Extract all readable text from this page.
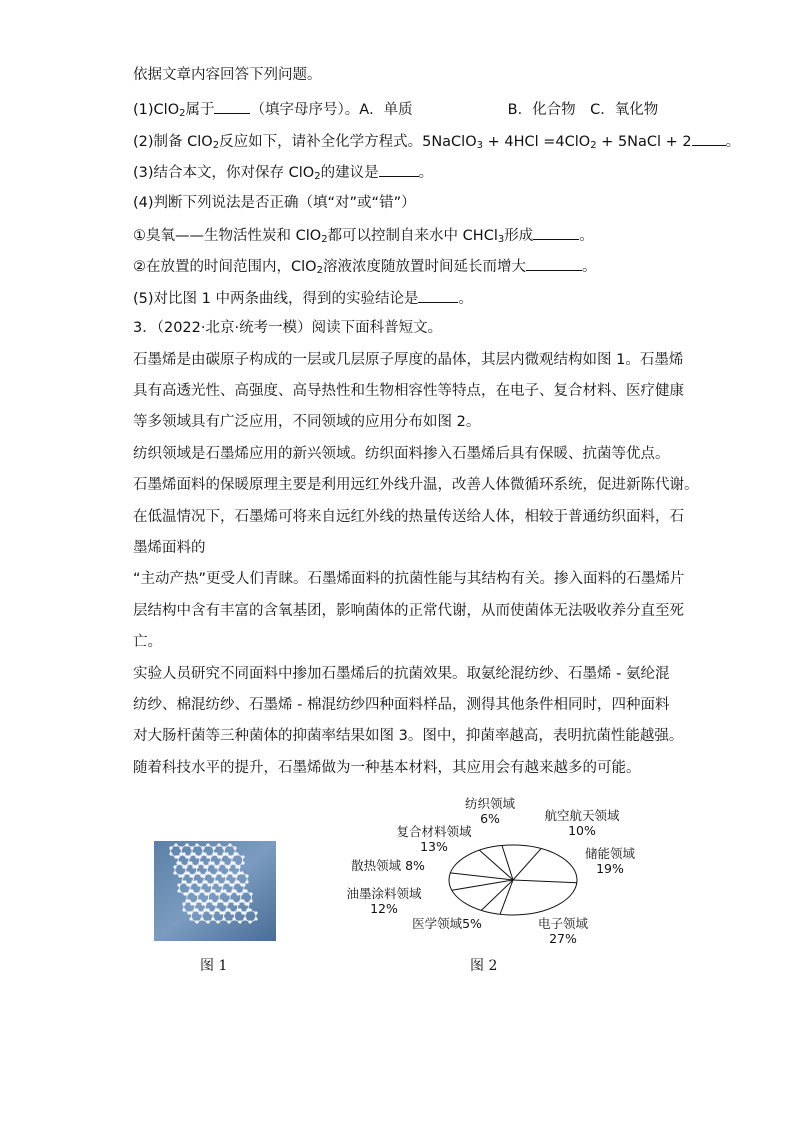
依据文章内容回答下列问题。
(1)ClO$_2$属于 （填字母序号）。A．单质	B．化合物　C．氧化物
(2)制备 ClO$_2$反应如下，请补全化学方程式。5NaClO$_3$ + 4HCl =4ClO$_2$ + 5NaCl + 2 。
(3)结合本文，你对保存 ClO$_2$的建议是	。
(4)判断下列说法是否正确（填“对”或“错”）
①臭氧——生物活性炭和 ClO$_2$都可以控制自来水中 CHCl$_3$形成	。
②在放置的时间范围内，ClO$_2$溶液浓度随放置时间延长而增大	。
(5)对比图 1 中两条曲线，得到的实验结论是	。
3．（2022·北京·统考一模）阅读下面科普短文。
石墨烯是由碳原子构成的一层或几层原子厚度的晶体，其层内微观结构如图 1。石墨烯
具有高透光性、高强度、高导热性和生物相容性等特点，在电子、复合材料、医疗健康
等多领域具有广泛应用，不同领域的应用分布如图 2。
纺织领域是石墨烯应用的新兴领域。纺织面料掺入石墨烯后具有保暖、抗菌等优点。
石墨烯面料的保暖原理主要是利用远红外线升温，改善人体微循环系统，促进新陈代谢。
在低温情况下，石墨烯可将来自远红外线的热量传送给人体，相较于普通纺织面料，石
墨烯面料的
“主动产热”更受人们青睐。石墨烯面料的抗菌性能与其结构有关。掺入面料的石墨烯片
层结构中含有丰富的含氧基团，影响菌体的正常代谢，从而使菌体无法吸收养分直至死
亡。
实验人员研究不同面料中掺加石墨烯后的抗菌效果。取氨纶混纺纱、石墨烯 - 氨纶混
纺纱、棉混纺纱、石墨烯 - 棉混纺纱四种面料样品，测得其他条件相同时，四种面料
对大肠杆菌等三种菌体的抑菌率结果如图 3。图中，抑菌率越高，表明抗菌性能越强。
随着科技水平的提升，石墨烯做为一种基本材料，其应用会有越来越多的可能。
图 1
6%
纺织领域
10%
航空航天领域
19%
储能领域
27%
电子领域
医学领域5%
12%
油墨涂料领域
散热领域 8%
13%
复合材料领域
图 2
